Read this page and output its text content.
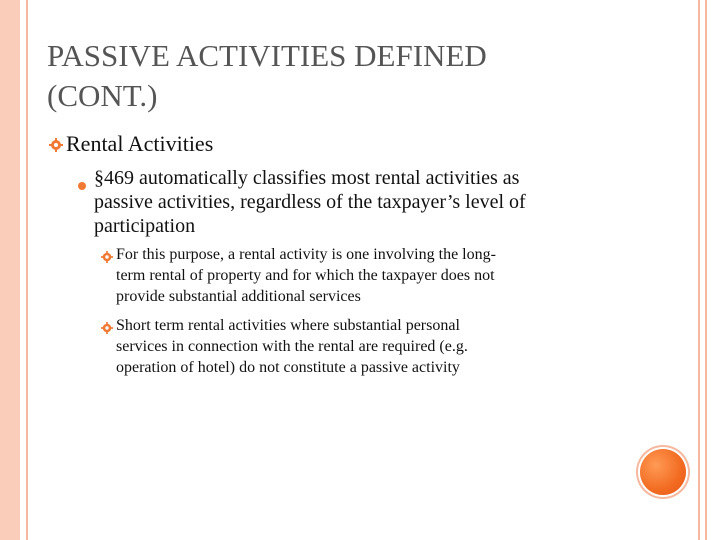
PASSIVE ACTIVITIES DEFINED
(CONT.)
Rental Activities
§469 automatically classifies most rental activities as
passive activities, regardless of the taxpayer’s level of
participation
For this purpose, a rental activity is one involving the long-
term rental of property and for which the taxpayer does not
provide substantial additional services
Short term rental activities where substantial personal
services in connection with the rental are required (e.g.
operation of hotel) do not constitute a passive activity
